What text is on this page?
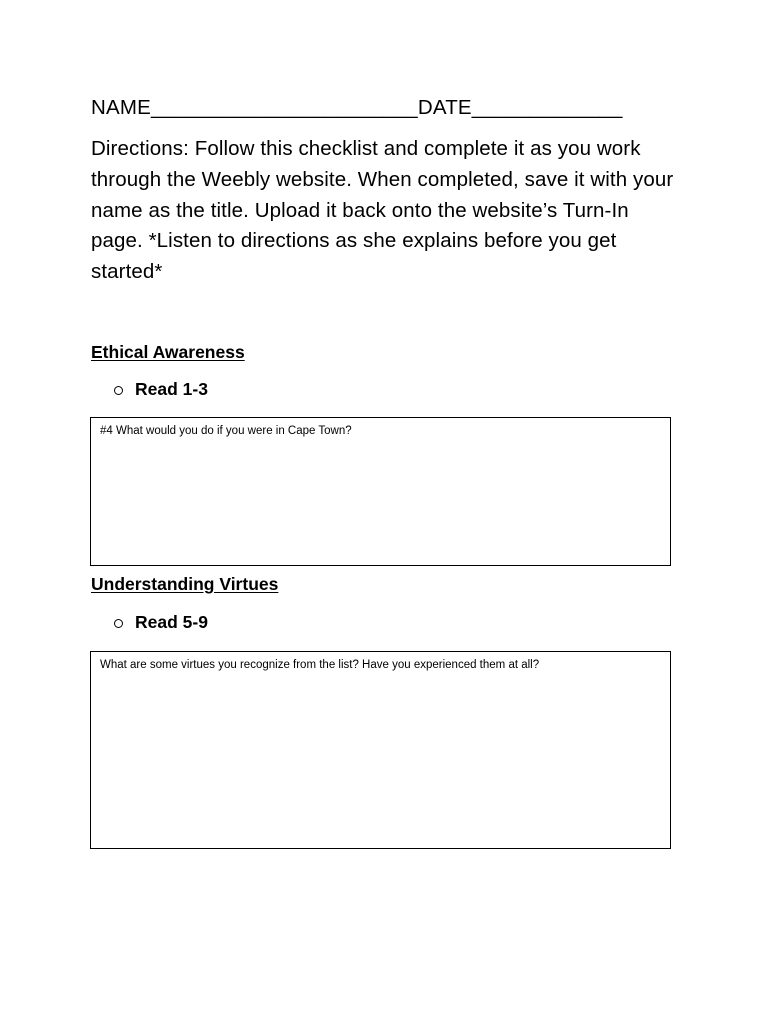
NAME_______________________DATE_____________
Directions: Follow this checklist and complete it as you work through the Weebly website. When completed, save it with your name as the title. Upload it back onto the website’s Turn-In page. *Listen to directions as she explains before you get started*
Ethical Awareness
Read 1-3
#4 What would you do if you were in Cape Town?
Understanding Virtues
Read 5-9
What are some virtues you recognize from the list? Have you experienced them at all?
